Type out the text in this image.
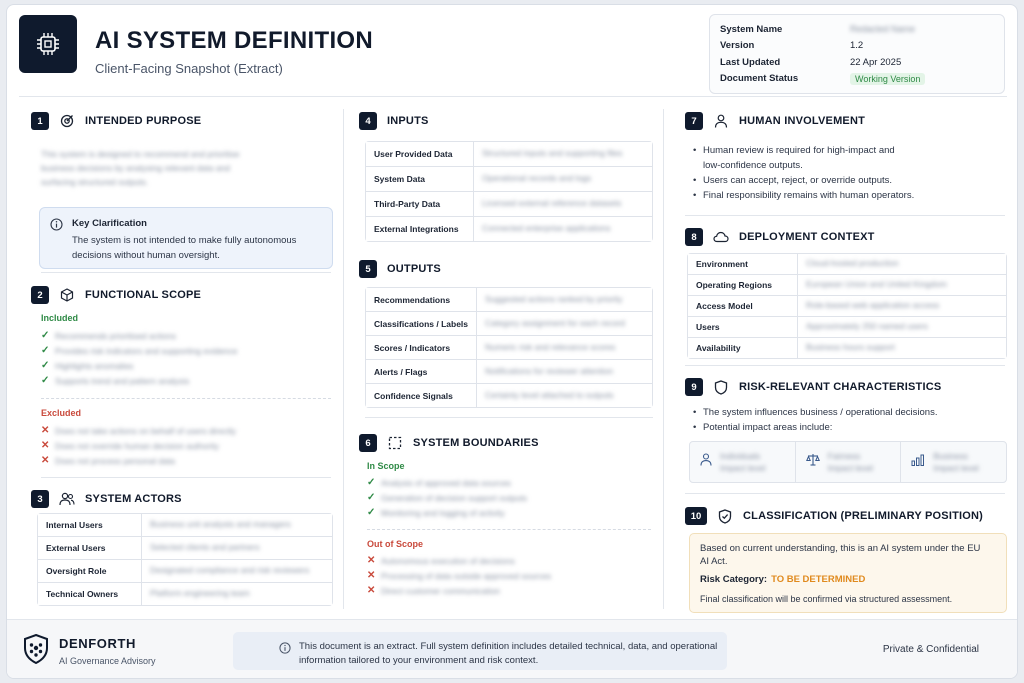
AI SYSTEM DEFINITION
Client-Facing Snapshot (Extract)
System Name	Redacted Name
Version	1.2
Last Updated	22 Apr 2025
Document Status	Working Version
1	INTENDED PURPOSE
This system is designed to recommend and prioritise
business decisions by analysing relevant data and
surfacing structured outputs.
Key Clarification
The system is not intended to make fully autonomous decisions without human oversight.
2	FUNCTIONAL SCOPE
Included
✓ Recommends prioritised actions
✓ Provides risk indicators and supporting evidence
✓ Highlights anomalies
✓ Supports trend and pattern analysis
Excluded
✕ Does not take actions on behalf of users directly
✕ Does not override human decision authority
✕ Does not process personal data
3	SYSTEM ACTORS
Internal Users	Business unit analysts and managers
External Users	Selected clients and partners
Oversight Role	Designated compliance and risk reviewers
Technical Owners	Platform engineering team
4	INPUTS
User Provided Data	Structured inputs and supporting files
System Data	Operational records and logs
Third-Party Data	Licensed external reference datasets
External Integrations	Connected enterprise applications
5	OUTPUTS
Recommendations	Suggested actions ranked by priority
Classifications / Labels	Category assignment for each record
Scores / Indicators	Numeric risk and relevance scores
Alerts / Flags	Notifications for reviewer attention
Confidence Signals	Certainty level attached to outputs
6	SYSTEM BOUNDARIES
In Scope
✓ Analysis of approved data sources
✓ Generation of decision support outputs
✓ Monitoring and logging of activity
Out of Scope
✕ Autonomous execution of decisions
✕ Processing of data outside approved sources
✕ Direct customer communication
7	HUMAN INVOLVEMENT
• Human review is required for high-impact and
low-confidence outputs.
• Users can accept, reject, or override outputs.
• Final responsibility remains with human operators.
8	DEPLOYMENT CONTEXT
Environment	Cloud-hosted production
Operating Regions	European Union and United Kingdom
Access Model	Role-based web application access
Users	Approximately 250 named users
Availability	Business hours support
9	RISK-RELEVANT CHARACTERISTICS
• The system influences business / operational decisions.
• Potential impact areas include:
Individuals
Impact level
Fairness
Impact level
Business
Impact level
10	CLASSIFICATION (PRELIMINARY POSITION)
Based on current understanding, this is an AI system under the EU AI Act.
Risk Category: TO BE DETERMINED
Final classification will be confirmed via structured assessment.
DENFORTH
AI Governance Advisory
This document is an extract. Full system definition includes detailed technical, data, and operational information tailored to your environment and risk context.
Private & Confidential
